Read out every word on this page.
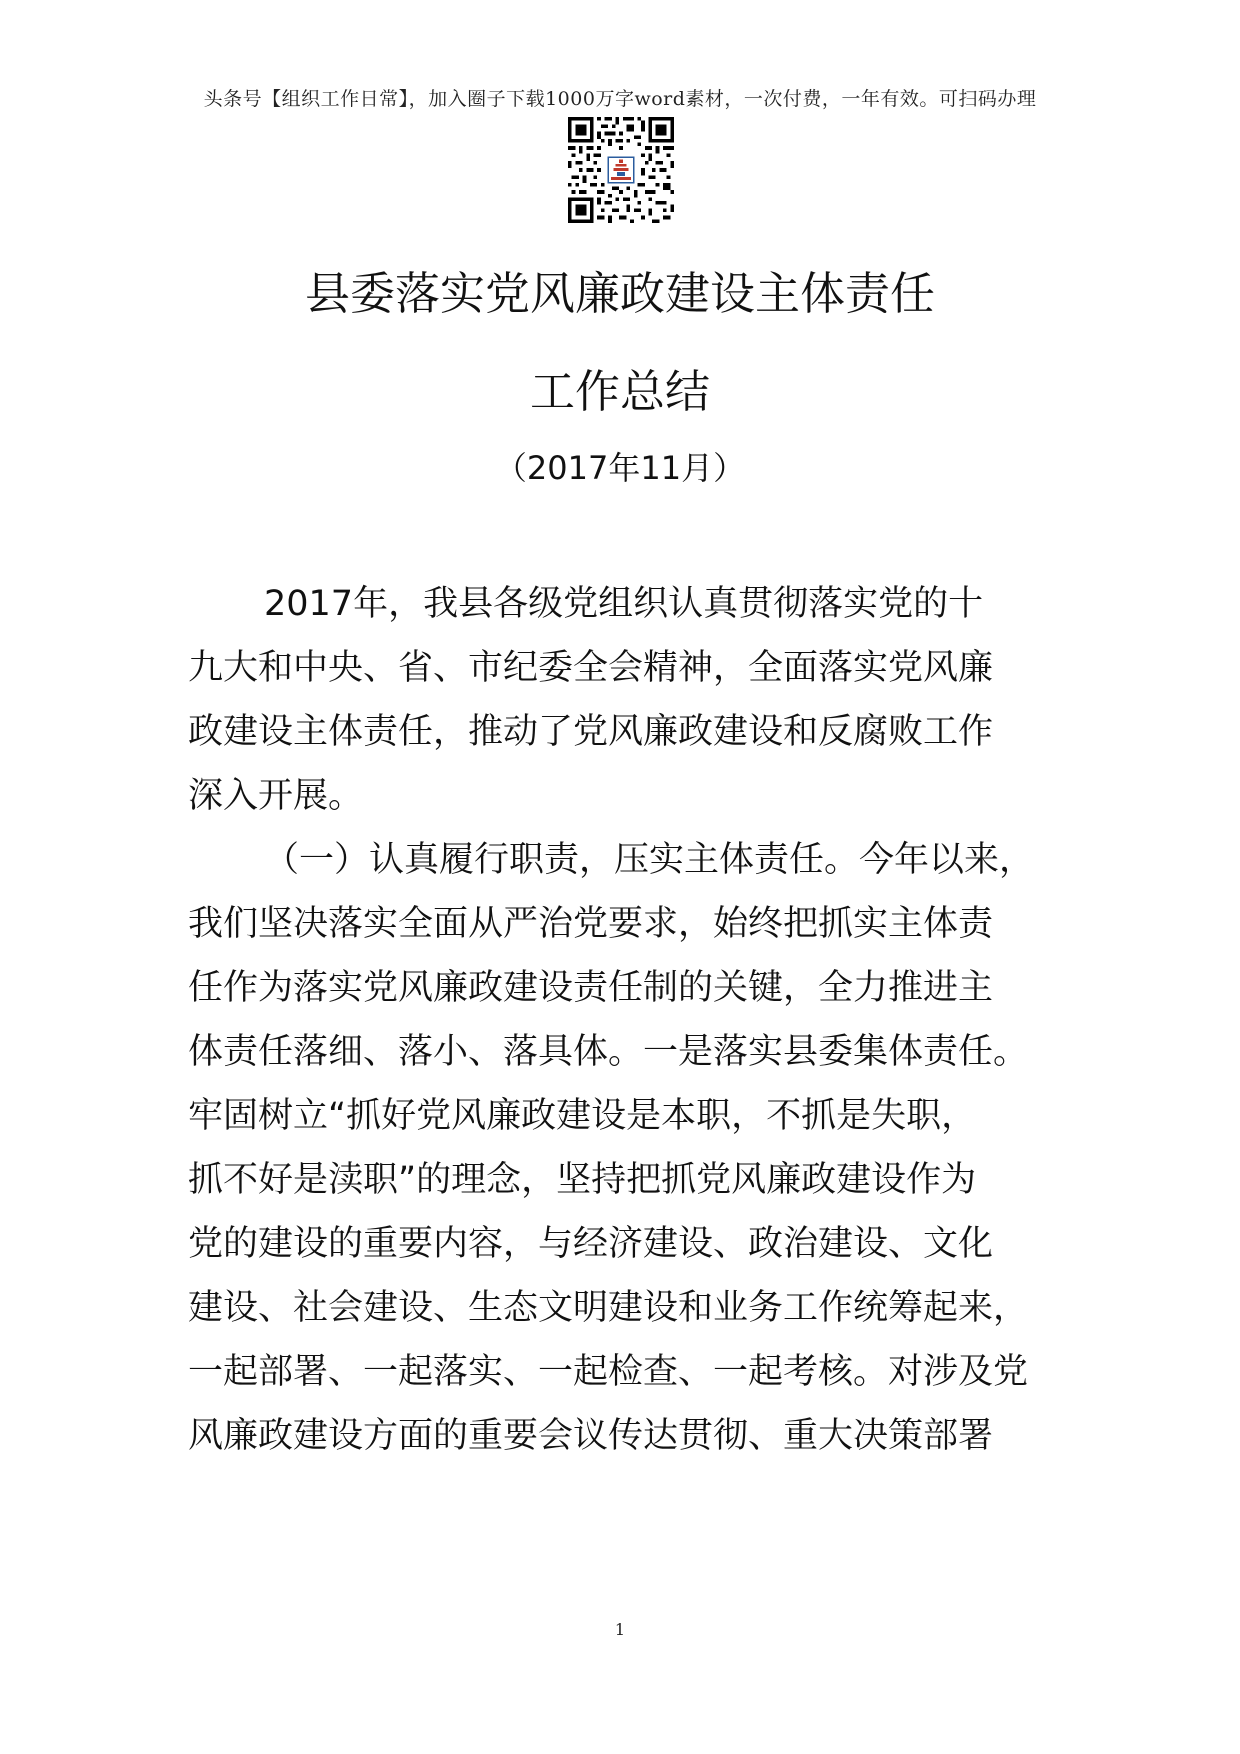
头条号【组织工作日常】，加入圈子下载1000万字word素材，一次付费，一年有效。可扫码办理
县委落实党风廉政建设主体责任
工作总结
（2017年11月）
2017年，我县各级党组织认真贯彻落实党的十
九大和中央、省、市纪委全会精神，全面落实党风廉
政建设主体责任，推动了党风廉政建设和反腐败工作
深入开展。
（一）认真履行职责，压实主体责任。今年以来，
我们坚决落实全面从严治党要求，始终把抓实主体责
任作为落实党风廉政建设责任制的关键，全力推进主
体责任落细、落小、落具体。一是落实县委集体责任。
牢固树立“抓好党风廉政建设是本职，不抓是失职，
抓不好是渎职”的理念，坚持把抓党风廉政建设作为
党的建设的重要内容，与经济建设、政治建设、文化
建设、社会建设、生态文明建设和业务工作统筹起来，
一起部署、一起落实、一起检查、一起考核。对涉及党
风廉政建设方面的重要会议传达贯彻、重大决策部署
1
